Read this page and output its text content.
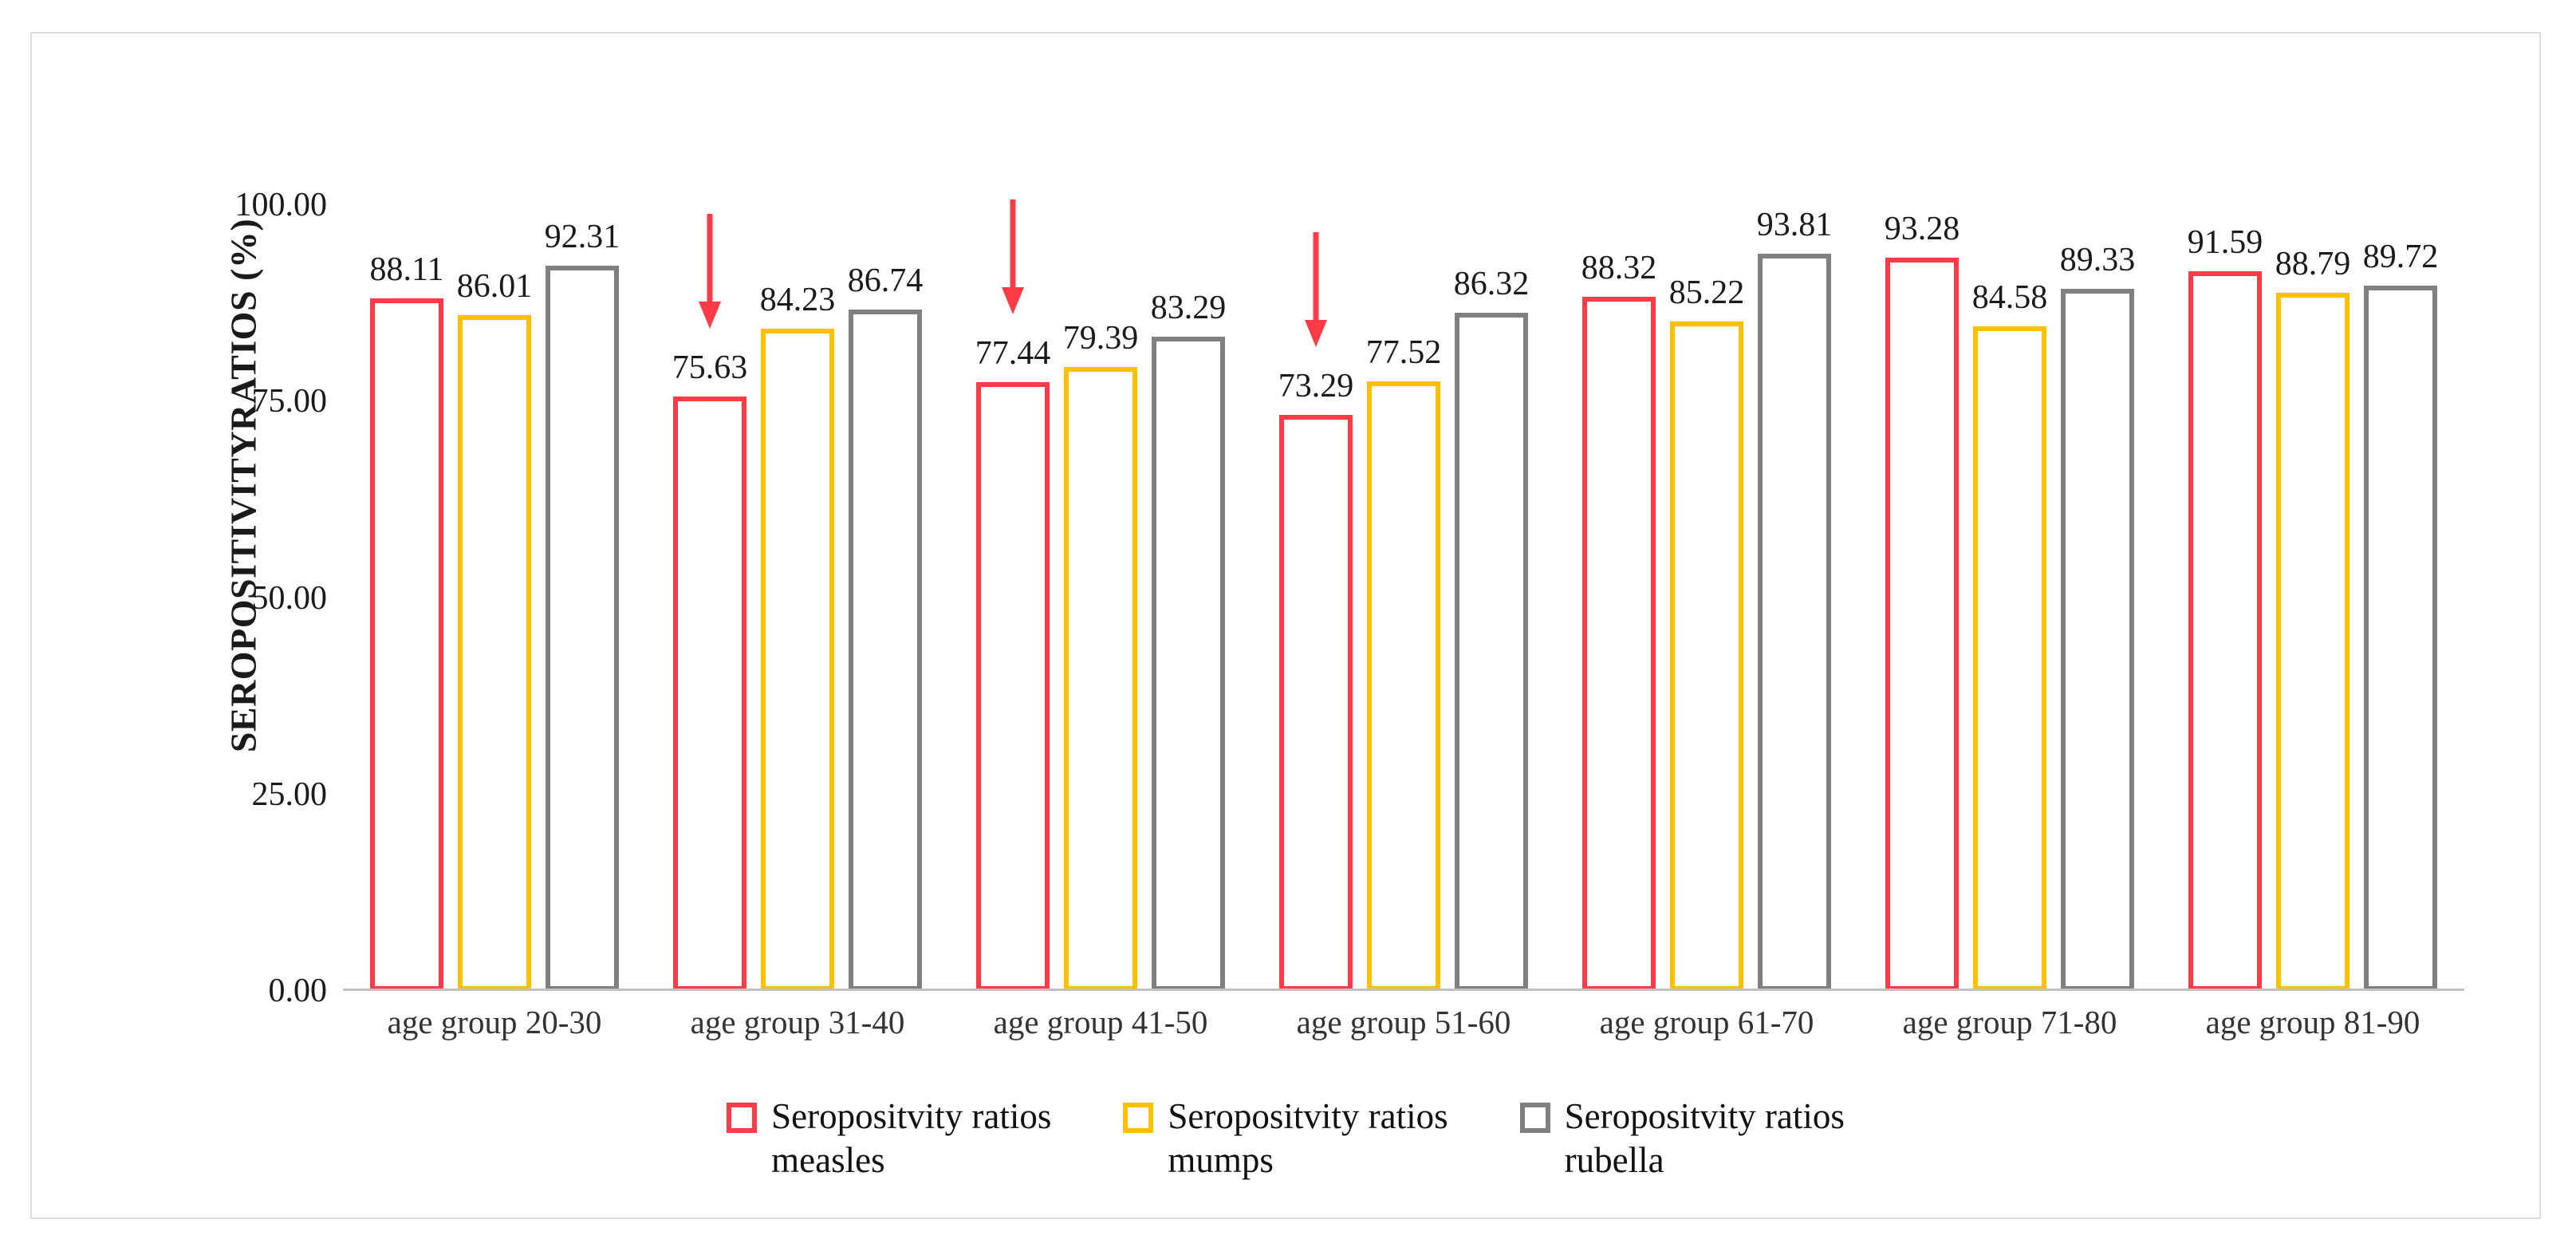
SEROPOSITIVITYRATIOS (%)
0.00
25.00
50.00
75.00
100.00
88.11 86.01
92.31
75.63
84.23
86.74
77.44 79.39
83.29
73.29
77.52
86.32	88.32
85.22
93.81	93.28
84.58
89.33	91.59
88.79 89.72
age group 20-30	age group 31-40	age group 41-50	age group 51-60	age group 61-70	age group 71-80	age group 81-90
Seropositvity ratios
measles
Seropositvity ratios
mumps
Seropositvity ratios
rubella
